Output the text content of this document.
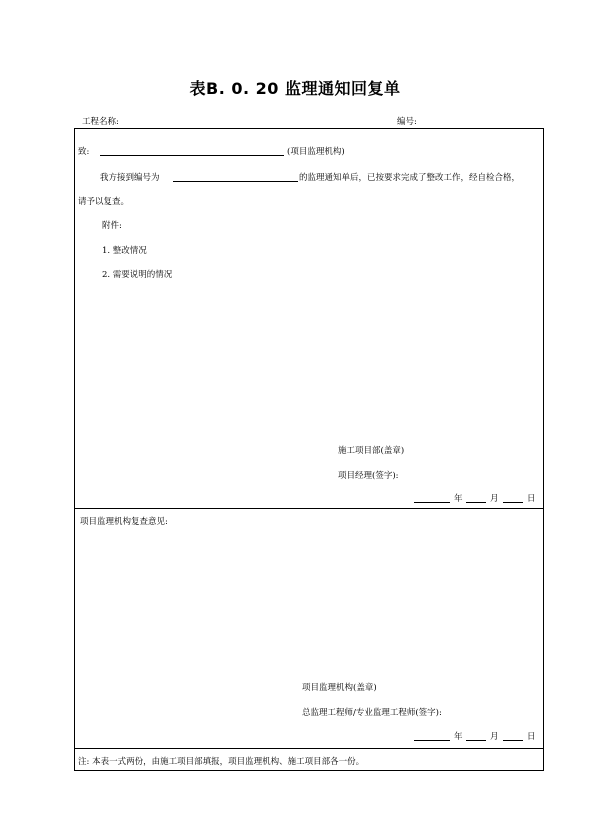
表B. 0. 20 监理通知回复单
工程名称:	编号:
致:	(项目监理机构)
我方接到编号为	的监理通知单后，已按要求完成了整改工作，经自检合格，
请予以复查。
附件:
1. 整改情况
2. 需要说明的情况
施工项目部(盖章)
项目经理(签字):
年	月	日
项目监理机构复查意见:
项目监理机构(盖章)
总监理工程师/专业监理工程师(签字):
年	月	日
注: 本表一式两份，由施工项目部填报，项目监理机构、施工项目部各一份。
